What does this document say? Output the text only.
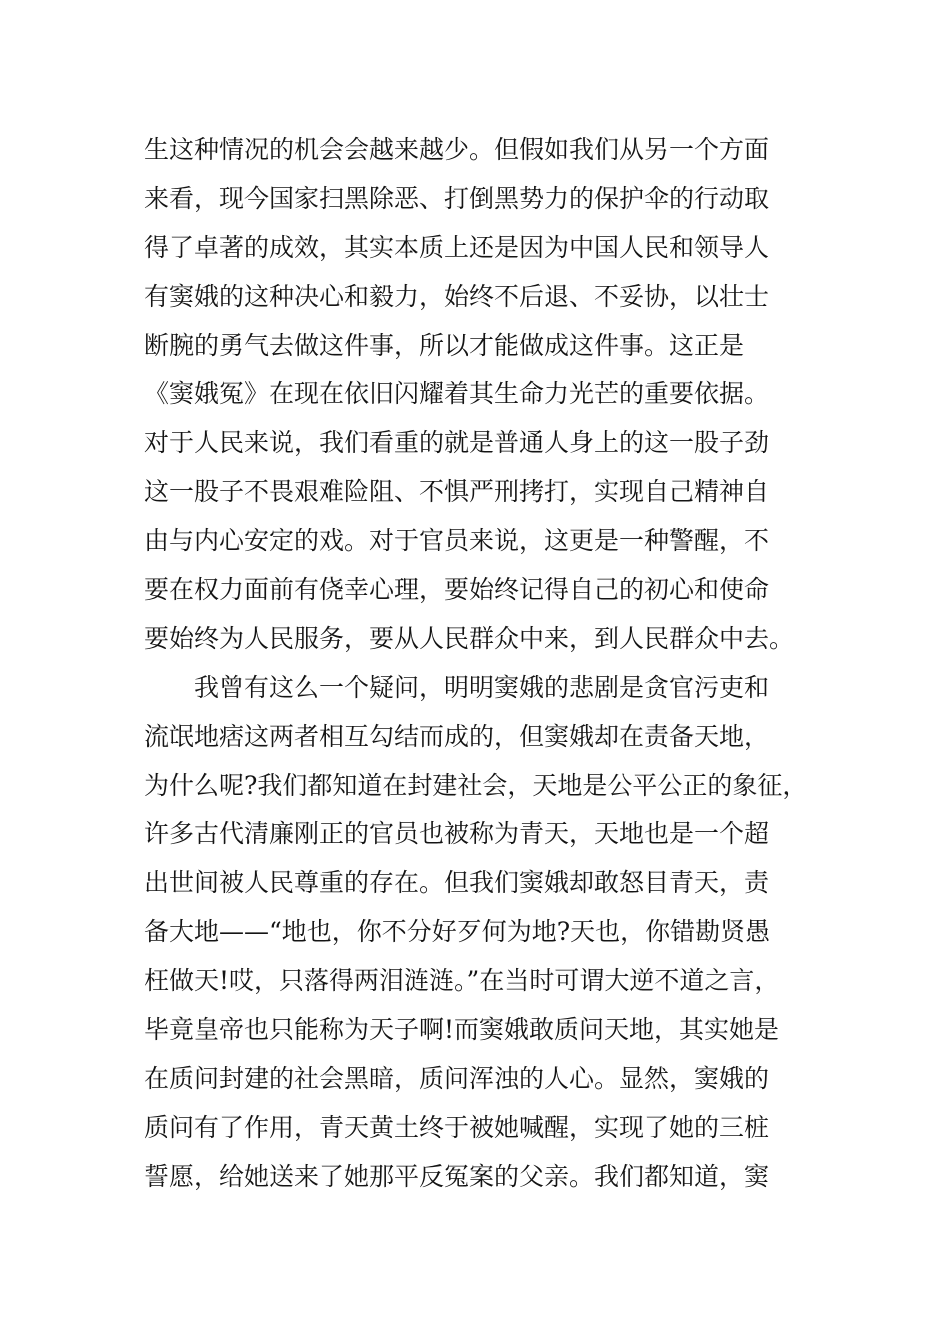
生这种情况的机会会越来越少。但假如我们从另一个方面
来看，现今国家扫黑除恶、打倒黑势力的保护伞的行动取
得了卓著的成效，其实本质上还是因为中国人民和领导人
有窦娥的这种决心和毅力，始终不后退、不妥协，以壮士
断腕的勇气去做这件事，所以才能做成这件事。这正是
《窦娥冤》在现在依旧闪耀着其生命力光芒的重要依据。
对于人民来说，我们看重的就是普通人身上的这一股子劲
这一股子不畏艰难险阻、不惧严刑拷打，实现自己精神自
由与内心安定的戏。对于官员来说，这更是一种警醒，不
要在权力面前有侥幸心理，要始终记得自己的初心和使命
要始终为人民服务，要从人民群众中来，到人民群众中去。
　　我曾有这么一个疑问，明明窦娥的悲剧是贪官污吏和
流氓地痞这两者相互勾结而成的，但窦娥却在责备天地，
为什么呢?我们都知道在封建社会，天地是公平公正的象征，
许多古代清廉刚正的官员也被称为青天，天地也是一个超
出世间被人民尊重的存在。但我们窦娥却敢怒目青天，责
备大地——“地也，你不分好歹何为地?天也，你错勘贤愚
枉做天!哎，只落得两泪涟涟。”在当时可谓大逆不道之言，
毕竟皇帝也只能称为天子啊!而窦娥敢质问天地，其实她是
在质问封建的社会黑暗，质问浑浊的人心。显然，窦娥的
质问有了作用，青天黄土终于被她喊醒，实现了她的三桩
誓愿，给她送来了她那平反冤案的父亲。我们都知道，窦
